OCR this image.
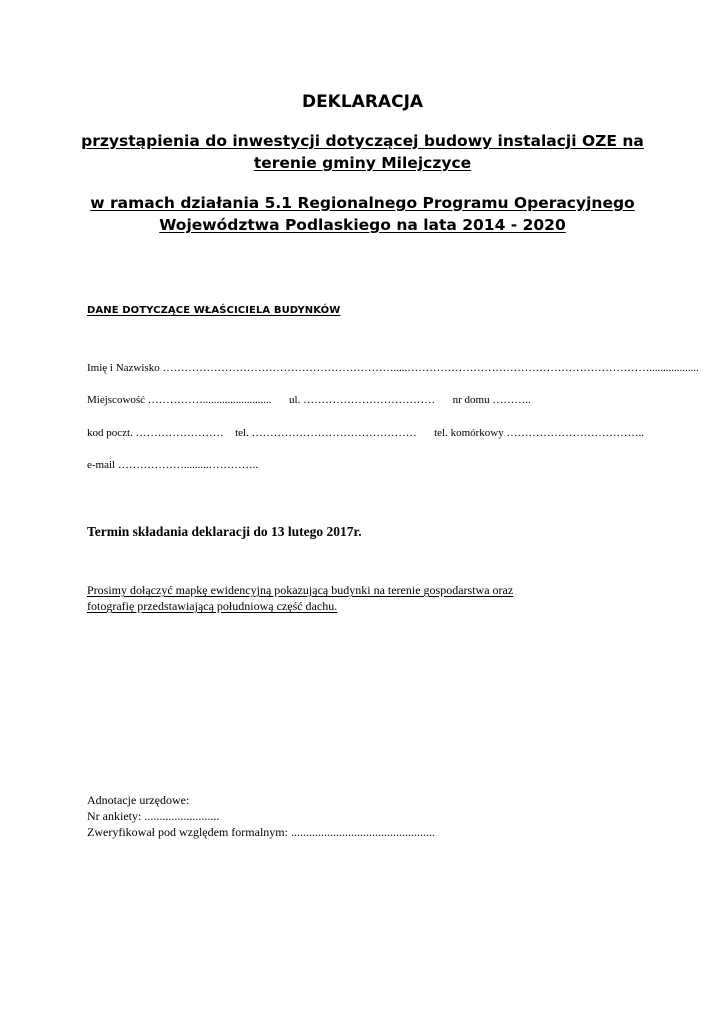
DEKLARACJA
przystąpienia do inwestycji dotyczącej budowy instalacji OZE na
terenie gminy Milejczyce
w ramach działania 5.1 Regionalnego Programu Operacyjnego
Województwa Podlaskiego na lata 2014 - 2020
DANE DOTYCZĄCE WŁAŚCICIELA BUDYNKÓW
Imię i Nazwisko ……………………………………………………….....…………………………………………………………..................
Miejscowość ……………......................... ul. ……………………………… nr domu ………..
kod poczt. …………………… tel. ……………………………………… tel. komórkowy ………………………………..
e-mail ……………….........…………..
Termin składania deklaracji do 13 lutego 2017r.
Prosimy dołączyć mapkę ewidencyjną pokazującą budynki na terenie gospodarstwa oraz
fotografię przedstawiającą południową część dachu.
Adnotacje urzędowe:
Nr ankiety: .........................
Zweryfikował pod względem formalnym: ................................................
